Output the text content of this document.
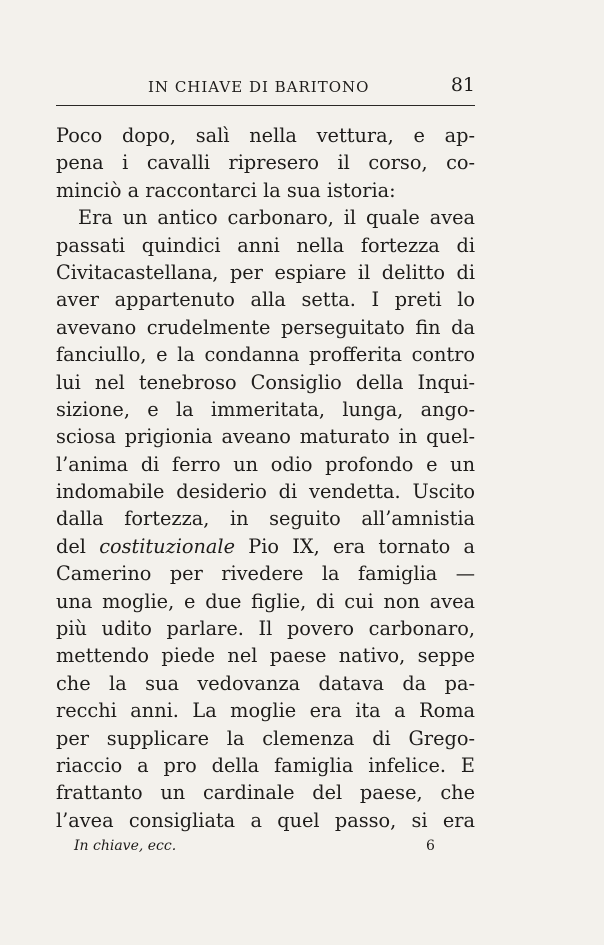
IN CHIAVE DI BARITONO	81
Poco dopo, salì nella vettura, e ap-
pena i cavalli ripresero il corso, co-
minciò a raccontarci la sua istoria:
Era un antico carbonaro, il quale avea
passati quindici anni nella fortezza di
Civitacastellana, per espiare il delitto di
aver appartenuto alla setta. I preti lo
avevano crudelmente perseguitato fin da
fanciullo, e la condanna profferita contro
lui nel tenebroso Consiglio della Inqui-
sizione, e la immeritata, lunga, ango-
sciosa prigionia aveano maturato in quel-
l’anima di ferro un odio profondo e un
indomabile desiderio di vendetta. Uscito
dalla fortezza, in seguito all’amnistia
del costituzionale Pio IX, era tornato a
Camerino per rivedere la famiglia —
una moglie, e due figlie, di cui non avea
più udito parlare. Il povero carbonaro,
mettendo piede nel paese nativo, seppe
che la sua vedovanza datava da pa-
recchi anni. La moglie era ita a Roma
per supplicare la clemenza di Grego-
riaccio a pro della famiglia infelice. E
frattanto un cardinale del paese, che
l’avea consigliata a quel passo, si era
In chiave, ecc.	6
